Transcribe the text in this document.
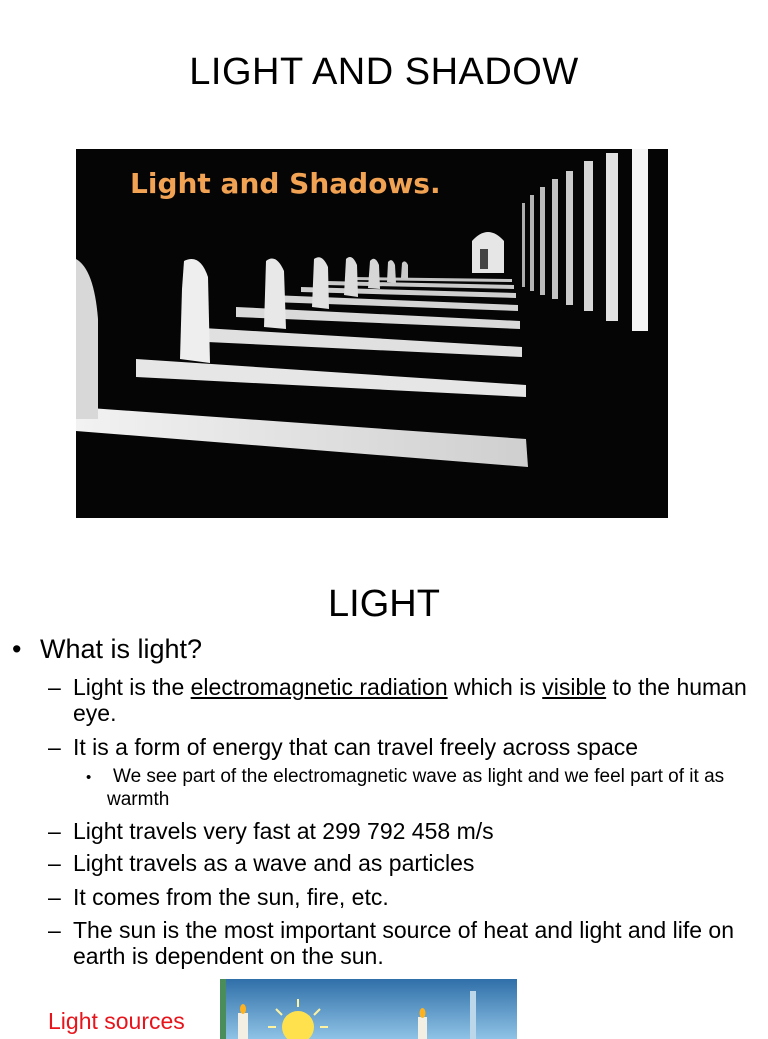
LIGHT AND SHADOW
Light and Shadows.
LIGHT
• What is light?
– Light is the electromagnetic radiation which is visible to the human eye.
– It is a form of energy that can travel freely across space
• We see part of the electromagnetic wave as light and we feel part of it as warmth
– Light travels very fast at 299 792 458 m/s
– Light travels as a wave and as particles
– It comes from the sun, fire, etc.
– The sun is the most important source of heat and light and life on earth is dependent on the sun.
Light sources
